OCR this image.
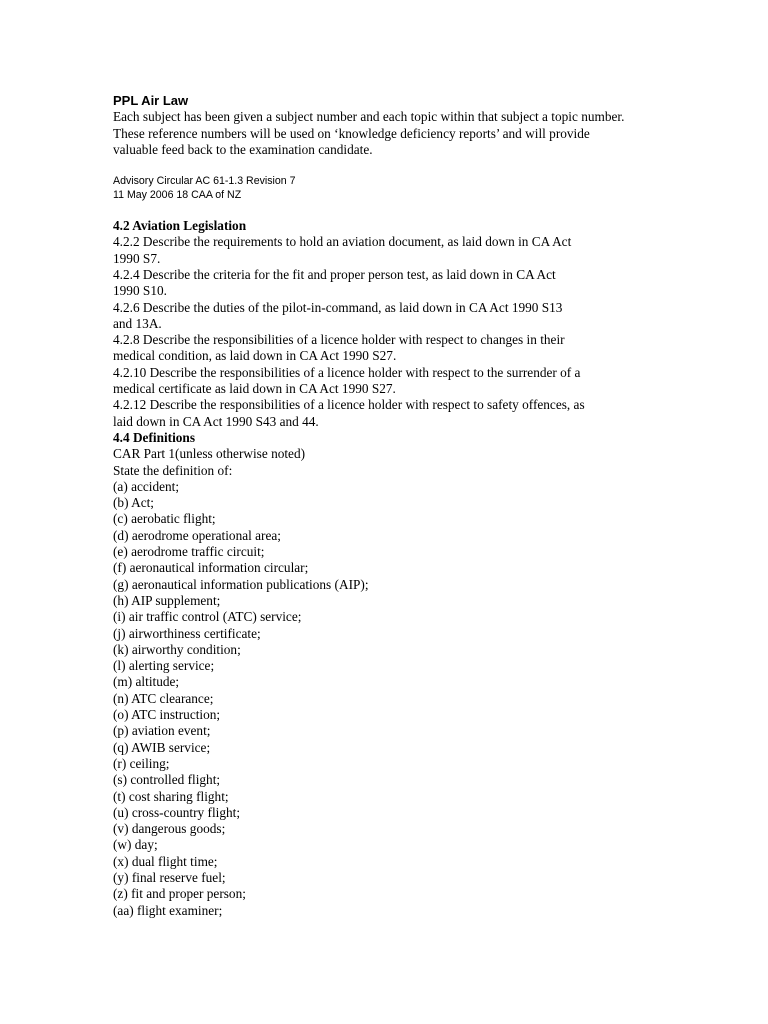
PPL Air Law
Each subject has been given a subject number and each topic within that subject a topic number.
These reference numbers will be used on ‘knowledge deficiency reports’ and will provide
valuable feed back to the examination candidate.
Advisory Circular AC 61-1.3 Revision 7
11 May 2006 18 CAA of NZ
4.2 Aviation Legislation
4.2.2 Describe the requirements to hold an aviation document, as laid down in CA Act
1990 S7.
4.2.4 Describe the criteria for the fit and proper person test, as laid down in CA Act
1990 S10.
4.2.6 Describe the duties of the pilot-in-command, as laid down in CA Act 1990 S13
and 13A.
4.2.8 Describe the responsibilities of a licence holder with respect to changes in their
medical condition, as laid down in CA Act 1990 S27.
4.2.10 Describe the responsibilities of a licence holder with respect to the surrender of a
medical certificate as laid down in CA Act 1990 S27.
4.2.12 Describe the responsibilities of a licence holder with respect to safety offences, as
laid down in CA Act 1990 S43 and 44.
4.4 Definitions
CAR Part 1(unless otherwise noted)
State the definition of:
(a) accident;
(b) Act;
(c) aerobatic flight;
(d) aerodrome operational area;
(e) aerodrome traffic circuit;
(f) aeronautical information circular;
(g) aeronautical information publications (AIP);
(h) AIP supplement;
(i) air traffic control (ATC) service;
(j) airworthiness certificate;
(k) airworthy condition;
(l) alerting service;
(m) altitude;
(n) ATC clearance;
(o) ATC instruction;
(p) aviation event;
(q) AWIB service;
(r) ceiling;
(s) controlled flight;
(t) cost sharing flight;
(u) cross-country flight;
(v) dangerous goods;
(w) day;
(x) dual flight time;
(y) final reserve fuel;
(z) fit and proper person;
(aa) flight examiner;
